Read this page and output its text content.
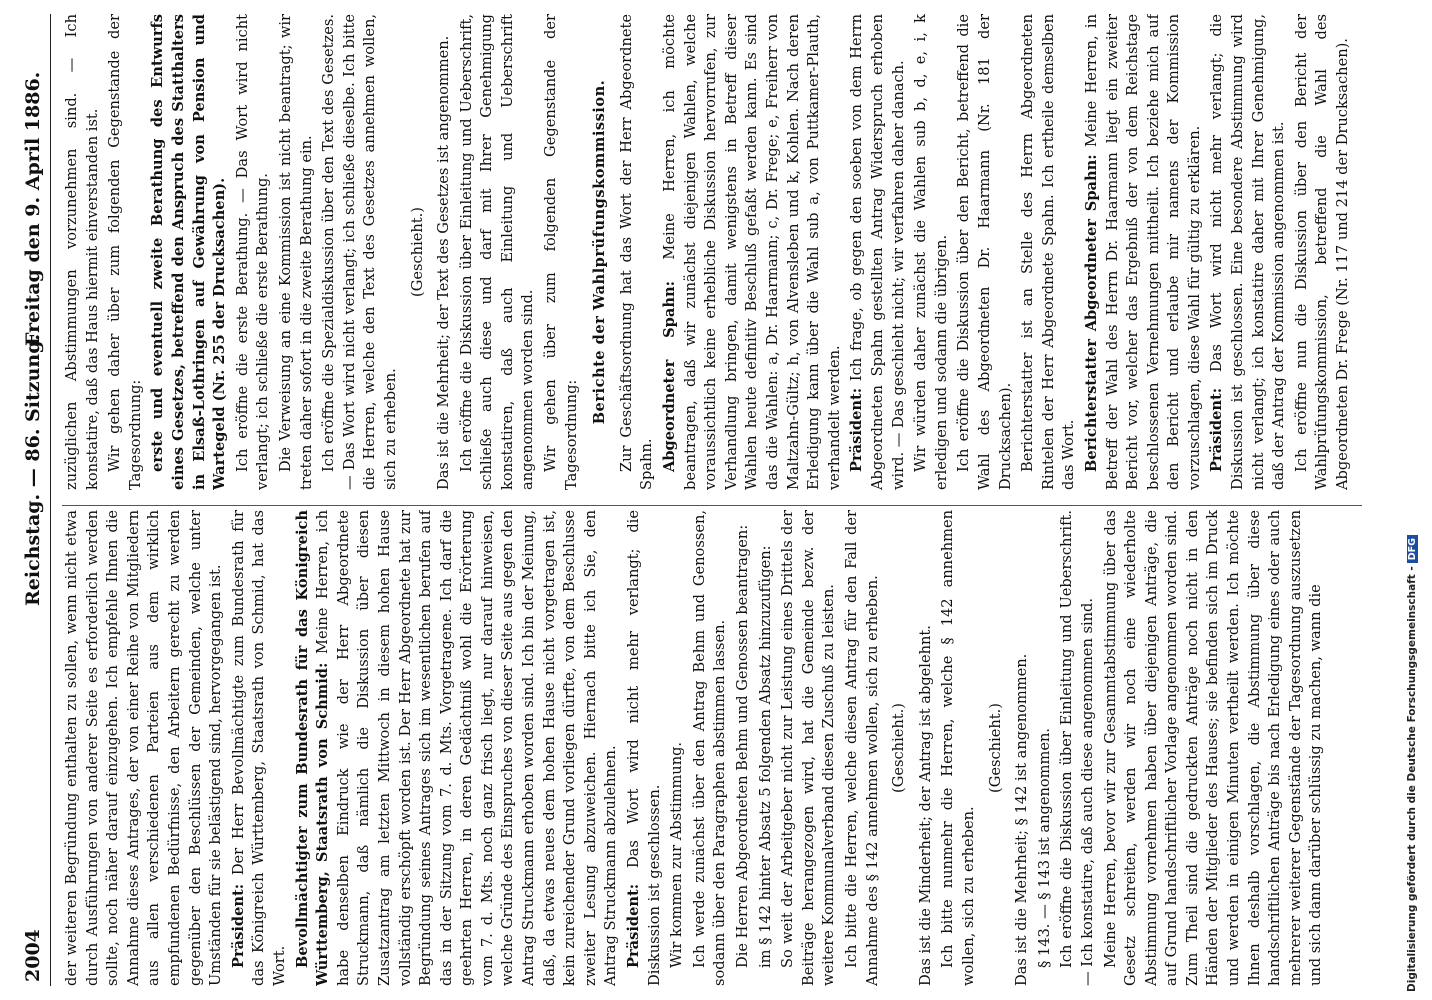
2004
Reichstag. — 86. Sitzung.
Freitag den 9. April 1886.

der weiteren Begründung enthalten zu sollen, wenn nicht etwa durch Ausführungen von anderer Seite es erforderlich werden sollte, noch näher darauf einzugehen. Ich empfehle Ihnen die Annahme dieses Antrages, der von einer Reihe von Mitgliedern aus allen verschiedenen Parteien aus dem wirklich empfundenen Bedürfnisse, den Arbeitern gerecht zu werden gegenüber den Beschlüssen der Gemeinden, welche unter Umständen für sie belästigend sind, hervorgegangen ist. Präsident: Der Herr Bevollmächtigte zum Bundesrath für das Königreich Württemberg, Staatsrath von Schmid, hat das Wort. Bevollmächtigter zum Bundesrath für das Königreich Württemberg, Staatsrath von Schmid: Meine Herren, ich habe denselben Eindruck wie der Herr Abgeordnete Struckmann, daß nämlich die Diskussion über diesen Zusatzantrag am letzten Mittwoch in diesem hohen Hause vollständig erschöpft worden ist. Der Herr Abgeordnete hat zur Begründung seines Antrages sich im wesentlichen berufen auf das in der Sitzung vom 7. d. Mts. Vorgetragene. Ich darf die geehrten Herren, in deren Gedächtniß wohl die Erörterung vom 7. d. Mts. noch ganz frisch liegt, nur darauf hinweisen, welche Gründe des Einspruches von dieser Seite aus gegen den Antrag Struckmann erhoben worden sind. Ich bin der Meinung, daß, da etwas neues dem hohen Hause nicht vorgetragen ist, kein zureichender Grund vorliegen dürfte, von dem Beschlusse zweiter Lesung abzuweichen. Hiernach bitte ich Sie, den Antrag Struckmann abzulehnen. Präsident: Das Wort wird nicht mehr verlangt; die Diskussion ist geschlossen. Wir kommen zur Abstimmung. Ich werde zunächst über den Antrag Behm und Genossen, sodann über den Paragraphen abstimmen lassen. Die Herren Abgeordneten Behm und Genossen beantragen: im § 142 hinter Absatz 5 folgenden Absatz hinzuzufügen: So weit der Arbeitgeber nicht zur Leistung eines Drittels der Beiträge herangezogen wird, hat die Gemeinde bezw. der weitere Kommunalverband diesen Zuschuß zu leisten. Ich bitte die Herren, welche diesen Antrag für den Fall der Annahme des § 142 annehmen wollen, sich zu erheben. (Geschieht.) Das ist die Minderheit; der Antrag ist abgelehnt. Ich bitte nunmehr die Herren, welche § 142 annehmen wollen, sich zu erheben.

(Geschieht.) Das ist die Mehrheit; § 142 ist angenommen. § 143. — § 143 ist angenommen. Ich eröffne die Diskussion über Einleitung und Ueberschrift. — Ich konstatire, daß auch diese angenommen sind. Meine Herren, bevor wir zur Gesammtabstimmung über das Gesetz schreiten, werden wir noch eine wiederholte Abstimmung vornehmen haben über diejenigen Anträge, die auf Grund handschriftlicher Vorlage angenommen worden sind. Zum Theil sind die gedruckten Anträge noch nicht in den Händen der Mitglieder des Hauses; sie befinden sich im Druck und werden in einigen Minuten vertheilt werden. Ich möchte Ihnen deshalb vorschlagen, die Abstimmung über diese handschriftlichen Anträge bis nach Erledigung eines oder auch mehrerer weiterer Gegenstände der Tagesordnung auszusetzen und sich dann darüber schlüssig zu machen, wann die

zuzüglichen Abstimmungen vorzunehmen sind. — Ich konstatire, daß das Haus hiermit einverstanden ist. Wir gehen daher über zum folgenden Gegenstande der Tagesordnung: erste und eventuell zweite Berathung des Entwurfs eines Gesetzes, betreffend den Anspruch des Statthalters in Elsaß-Lothringen auf Gewährung von Pension und Wartegeld (Nr. 255 der Drucksachen). Ich eröffne die erste Berathung. — Das Wort wird nicht verlangt; ich schließe die erste Berathung. Die Verweisung an eine Kommission ist nicht beantragt; wir treten daher sofort in die zweite Berathung ein. Ich eröffne die Spezialdiskussion über den Text des Gesetzes. — Das Wort wird nicht verlangt; ich schließe dieselbe. Ich bitte die Herren, welche den Text des Gesetzes annehmen wollen, sich zu erheben.

(Geschieht.) Das ist die Mehrheit; der Text des Gesetzes ist angenommen. Ich eröffne die Diskussion über Einleitung und Ueberschrift, schließe auch diese und darf mit Ihrer Genehmigung konstatiren, daß auch Einleitung und Ueberschrift angenommen worden sind. Wir gehen über zum folgenden Gegenstande der Tagesordnung:

Berichte der Wahlprüfungskommission. Zur Geschäftsordnung hat das Wort der Herr Abgeordnete Spahn. Abgeordneter Spahn: Meine Herren, ich möchte beantragen, daß wir zunächst diejenigen Wahlen, welche voraussichtlich keine erhebliche Diskussion hervorrufen, zur Verhandlung bringen, damit wenigstens in Betreff dieser Wahlen heute definitiv Beschluß gefaßt werden kann. Es sind das die Wahlen: a, Dr. Haarmann; c, Dr. Frege; e, Freiherr von Maltzahn-Gültz; h, von Alvensleben und k, Kohlen. Nach deren Erledigung kann über die Wahl sub a, von Puttkamer-Plauth, verhandelt werden. Präsident: Ich frage, ob gegen den soeben von dem Herrn Abgeordneten Spahn gestellten Antrag Widerspruch erhoben wird. — Das geschieht nicht; wir verfahren daher danach. Wir würden daher zunächst die Wahlen sub b, d, e, i, k erledigen und sodann die übrigen. Ich eröffne die Diskussion über den Bericht, betreffend die Wahl des Abgeordneten Dr. Haarmann (Nr. 181 der Drucksachen). Berichterstatter ist an Stelle des Herrn Abgeordneten Rintelen der Herr Abgeordnete Spahn. Ich ertheile demselben das Wort. Berichterstatter Abgeordneter Spahn: Meine Herren, in Betreff der Wahl des Herrn Dr. Haarmann liegt ein zweiter Bericht vor, welcher das Ergebniß der von dem Reichstage beschlossenen Vernehmungen mittheilt. Ich beziehe mich auf den Bericht und erlaube mir namens der Kommission vorzuschlagen, diese Wahl für gültig zu erklären. Präsident: Das Wort wird nicht mehr verlangt; die Diskussion ist geschlossen. Eine besondere Abstimmung wird nicht verlangt; ich konstatire daher mit Ihrer Genehmigung, daß der Antrag der Kommission angenommen ist. Ich eröffne nun die Diskussion über den Bericht der Wahlprüfungskommission, betreffend die Wahl des Abgeordneten Dr. Frege (Nr. 117 und 214 der Drucksachen).

Digitalisierung gefördert durch die Deutsche Forschungsgemeinschaft -DFG
